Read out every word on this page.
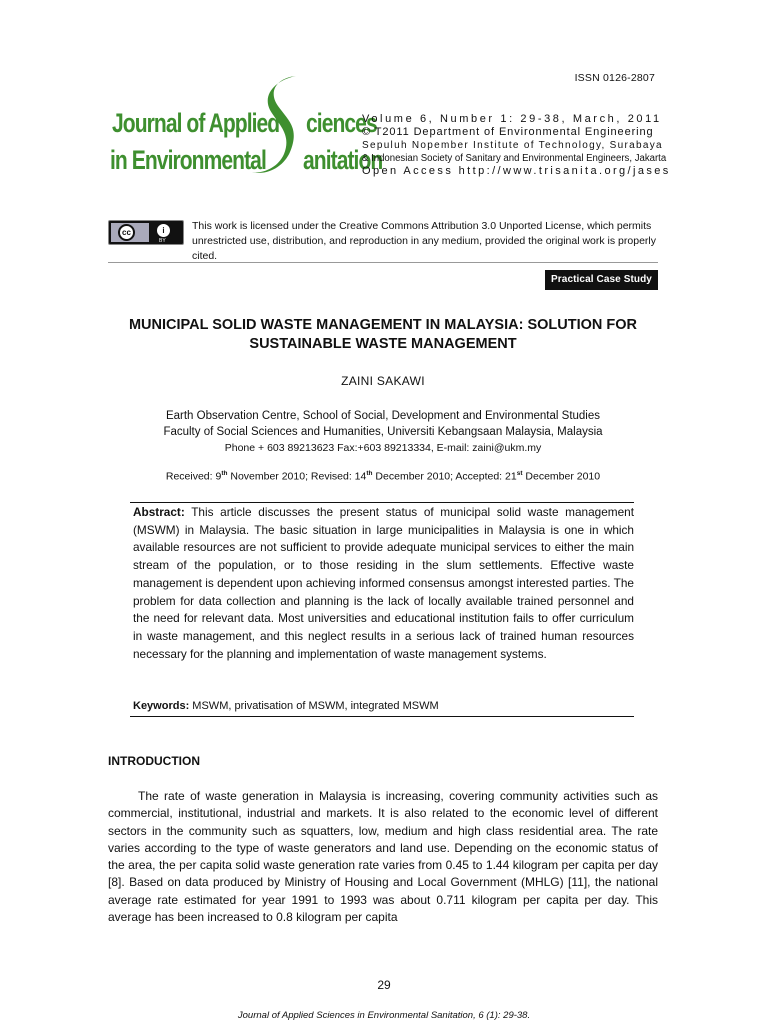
ISSN 0126-2807
Journal of Applied ciences
in Environmental anitation
Volume 6, Number 1: 29-38, March, 2011
© T2011 Department of Environmental Engineering
Sepuluh Nopember Institute of Technology, Surabaya
& Indonesian Society of Sanitary and Environmental Engineers, Jakarta
Open Access http://www.trisanita.org/jases
cc	i
BY
This work is licensed under the Creative Commons Attribution 3.0 Unported License, which permits unrestricted use, distribution, and reproduction in any medium, provided the original work is properly cited.
Practical Case Study
MUNICIPAL SOLID WASTE MANAGEMENT IN MALAYSIA: SOLUTION FOR SUSTAINABLE WASTE MANAGEMENT
ZAINI SAKAWI
Earth Observation Centre, School of Social, Development and Environmental Studies
Faculty of Social Sciences and Humanities, Universiti Kebangsaan Malaysia, Malaysia
Phone + 603 89213623 Fax:+603 89213334, E-mail: zaini@ukm.my
Received: 9th November 2010; Revised: 14th December 2010; Accepted: 21st December 2010
Abstract: This article discusses the present status of municipal solid waste management (MSWM) in Malaysia. The basic situation in large municipalities in Malaysia is one in which available resources are not sufficient to provide adequate municipal services to either the main stream of the population, or to those residing in the slum settlements. Effective waste management is dependent upon achieving informed consensus amongst interested parties. The problem for data collection and planning is the lack of locally available trained personnel and the need for relevant data. Most universities and educational institution fails to offer curriculum in waste management, and this neglect results in a serious lack of trained human resources necessary for the planning and implementation of waste management systems.
Keywords: MSWM, privatisation of MSWM, integrated MSWM
INTRODUCTION

The rate of waste generation in Malaysia is increasing, covering community activities such as commercial, institutional, industrial and markets. It is also related to the economic level of different sectors in the community such as squatters, low, medium and high class residential area. The rate varies according to the type of waste generators and land use. Depending on the economic status of the area, the per capita solid waste generation rate varies from 0.45 to 1.44 kilogram per capita per day [8]. Based on data produced by Ministry of Housing and Local Government (MHLG) [11], the national average rate estimated for year 1991 to 1993 was about 0.711 kilogram per capita per day. This average has been increased to 0.8 kilogram per capita

29
Journal of Applied Sciences in Environmental Sanitation, 6 (1): 29-38.
